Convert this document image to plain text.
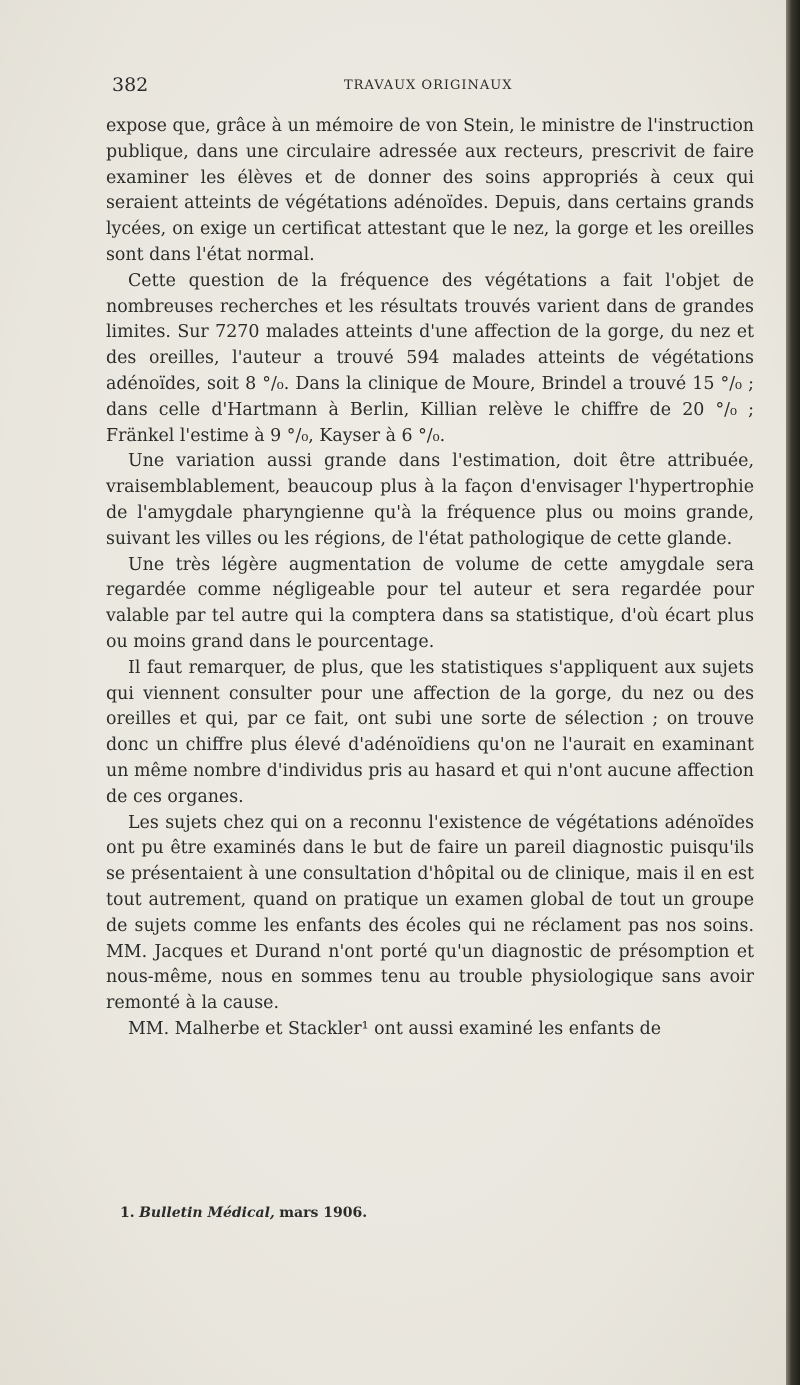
382	TRAVAUX ORIGINAUX

expose que, grâce à un mémoire de von Stein, le ministre de l'instruction publique, dans une circulaire adressée aux recteurs, prescrivit de faire examiner les élèves et de donner des soins appropriés à ceux qui seraient atteints de végétations adénoïdes. Depuis, dans certains grands lycées, on exige un certificat attestant que le nez, la gorge et les oreilles sont dans l'état normal.

Cette question de la fréquence des végétations a fait l'objet de nombreuses recherches et les résultats trouvés varient dans de grandes limites. Sur 7270 malades atteints d'une affection de la gorge, du nez et des oreilles, l'auteur a trouvé 594 malades atteints de végétations adénoïdes, soit 8 °/₀. Dans la clinique de Moure, Brindel a trouvé 15 °/₀ ; dans celle d'Hartmann à Berlin, Killian relève le chiffre de 20 °/₀ ; Fränkel l'estime à 9 °/₀, Kayser à 6 °/₀.

Une variation aussi grande dans l'estimation, doit être attribuée, vraisemblablement, beaucoup plus à la façon d'envisager l'hypertrophie de l'amygdale pharyngienne qu'à la fréquence plus ou moins grande, suivant les villes ou les régions, de l'état pathologique de cette glande.

Une très légère augmentation de volume de cette amygdale sera regardée comme négligeable pour tel auteur et sera regardée pour valable par tel autre qui la comptera dans sa statistique, d'où écart plus ou moins grand dans le pourcentage.

Il faut remarquer, de plus, que les statistiques s'appliquent aux sujets qui viennent consulter pour une affection de la gorge, du nez ou des oreilles et qui, par ce fait, ont subi une sorte de sélection ; on trouve donc un chiffre plus élevé d'adénoïdiens qu'on ne l'aurait en examinant un même nombre d'individus pris au hasard et qui n'ont aucune affection de ces organes.

Les sujets chez qui on a reconnu l'existence de végétations adénoïdes ont pu être examinés dans le but de faire un pareil diagnostic puisqu'ils se présentaient à une consultation d'hôpital ou de clinique, mais il en est tout autrement, quand on pratique un examen global de tout un groupe de sujets comme les enfants des écoles qui ne réclament pas nos soins. MM. Jacques et Durand n'ont porté qu'un diagnostic de présomption et nous-même, nous en sommes tenu au trouble physiologique sans avoir remonté à la cause.

MM. Malherbe et Stackler¹ ont aussi examiné les enfants de

1. Bulletin Médical, mars 1906.
